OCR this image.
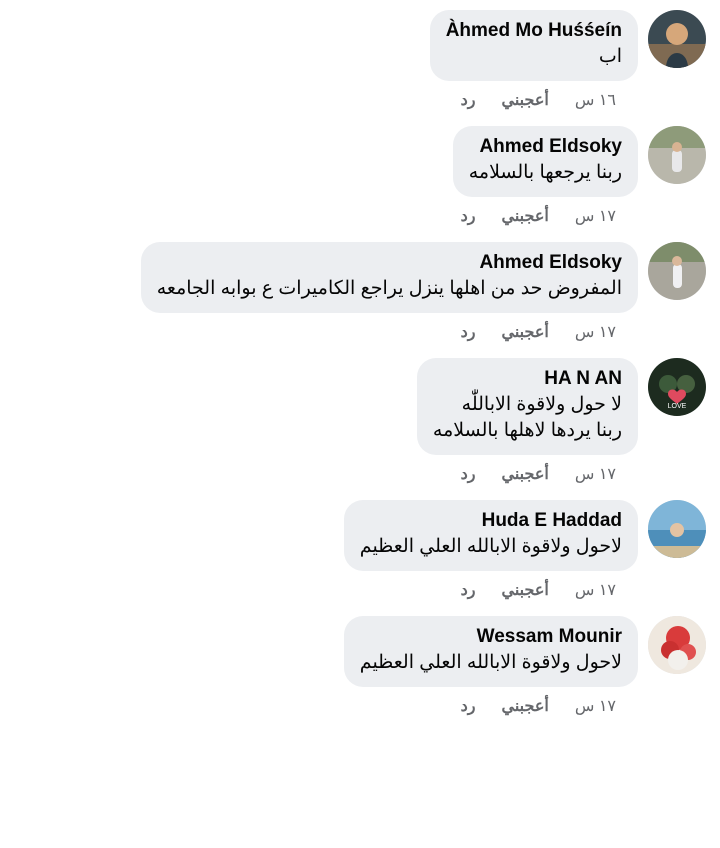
Àhmed Mo Huśśeín
اب
١٦ س
أعجبني
رد
Ahmed Eldsoky
ربنا يرجعها بالسلامه
١٧ س
أعجبني
رد
Ahmed Eldsoky
المفروض حد من اهلها ينزل يراجع الكاميرات ع بوابه الجامعه
١٧ س
أعجبني
رد
LOVE
HA N AN
لا حول ولاقوة الاباللّٰه
ربنا يردها لاهلها بالسلامه
١٧ س
أعجبني
رد
Huda E Haddad
لاحول ولاقوة الابالله العلي العظيم
١٧ س
أعجبني
رد
Wessam Mounir
لاحول ولاقوة الابالله العلي العظيم
١٧ س
أعجبني
رد
